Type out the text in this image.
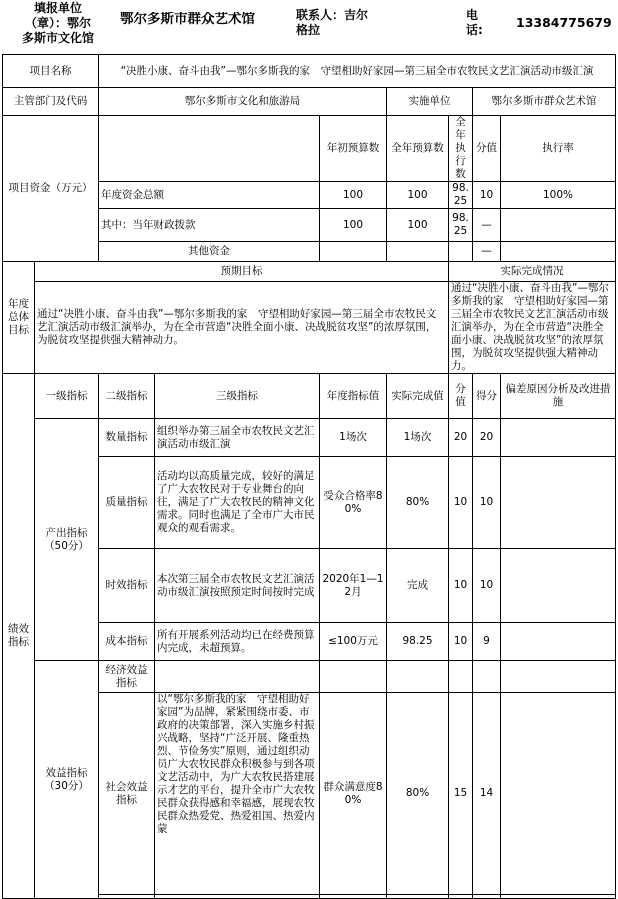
填报单位
（章）：鄂尔
多斯市文化馆
鄂尔多斯市群众艺术馆	联系人：吉尔
格拉
电
话:	13384775679
项目名称		“决胜小康、奋斗由我”—鄂尔多斯我的家　守望相助好家园—第三届全市农牧民文艺汇演活动市级汇演						
主管部门及代码		鄂尔多斯市文化和旅游局			实施单位		鄂尔多斯市群众艺术馆	
项目资金（万元）				年初预算数	全年预算数	全年执行数	分值	执行率
		年度资金总额		100	100	98.25	10	100%
		其中：当年财政拨款		100	100	98.25	—	
		其他资金					—	
年度总体目标	预期目标					实际完成情况		
	通过“决胜小康、奋斗由我”—鄂尔多斯我的家　守望相助好家园—第三届全市农牧民文艺汇演活动市级汇演举办，为在全市营造“决胜全面小康、决战脱贫攻坚”的浓厚氛围，为脱贫攻坚提供强大精神动力。					通过“决胜小康、奋斗由我”—鄂尔多斯我的家　守望相助好家园—第三届全市农牧民文艺汇演活动市级汇演举办，为在全市营造“决胜全面小康、决战脱贫攻坚”的浓厚氛围，为脱贫攻坚提供强大精神动力。		
绩效指标	一级指标	二级指标	三级指标	年度指标值	实际完成值	分值	得分	偏差原因分析及改进措施
	产出指标（50分）	数量指标	组织举办第三届全市农牧民文艺汇演活动市级汇演	1场次	1场次	20	20	
		质量指标	活动均以高质量完成，较好的满足了广大农牧民对于专业舞台的向往，满足了广大农牧民的精神文化需求。同时也满足了全市广大市民观众的观看需求。	受众合格率80%	80%	10	10	
		时效指标	本次第三届全市农牧民文艺汇演活动市级汇演按照预定时间按时完成	2020年1—12月	完成	10	10	
		成本指标	所有开展系列活动均已在经费预算内完成，未超预算。	≤100万元	98.25	10	9	
	效益指标（30分）	经济效益指标						
		社会效益指标	以“鄂尔多斯我的家　守望相助好家园”为品牌，紧紧围绕市委、市政府的决策部署，深入实施乡村振兴战略，坚持“广泛开展、隆重热烈、节俭务实”原则，通过组织动员广大农牧民群众积极参与到各项文艺活动中，为广大农牧民搭建展示才艺的平台，提升全市广大农牧民群众获得感和幸福感，展现农牧民群众热爱党、热爱祖国、热爱内蒙	群众满意度80%	80%	15	14	
